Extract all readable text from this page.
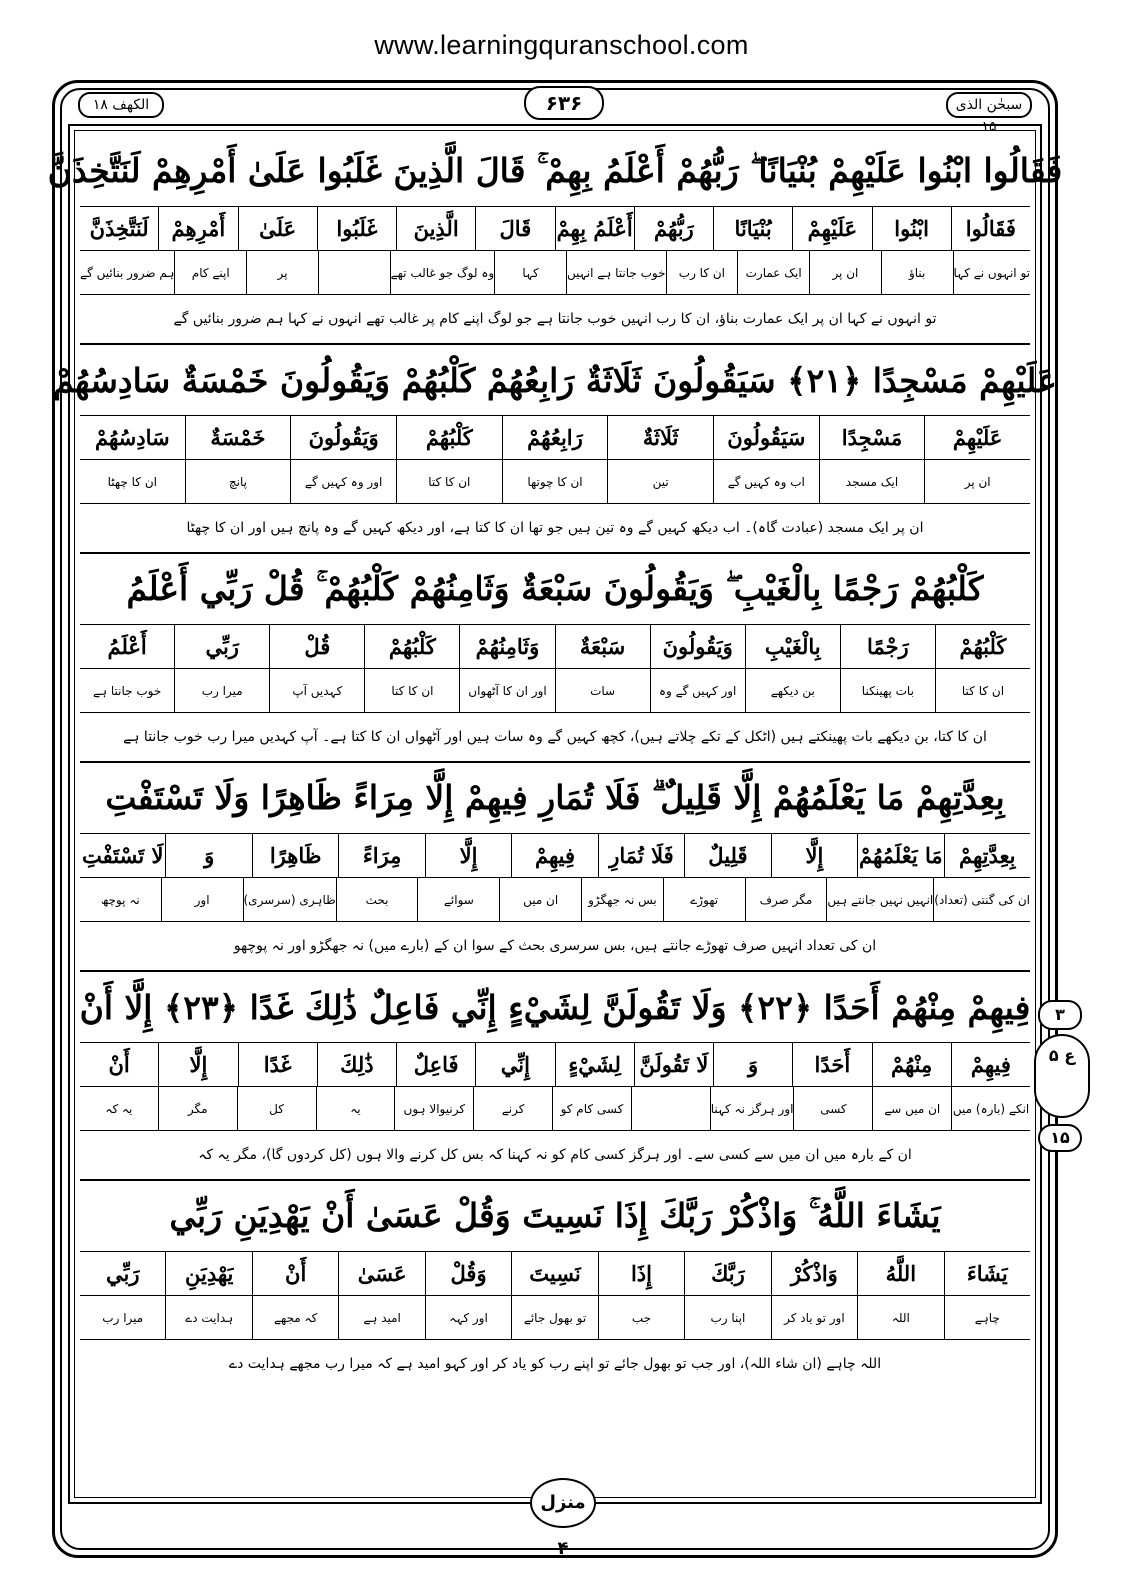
www.learningquranschool.com
الکهف ۱۸	۶۳۶	سبحٰن الذی ۱۵
فَقَالُوا ابْنُوا عَلَيْهِمْ بُنْيَانًا ۖ رَبُّهُمْ أَعْلَمُ بِهِمْ ۚ قَالَ الَّذِينَ غَلَبُوا عَلَىٰ أَمْرِهِمْ لَنَتَّخِذَنَّ
فَقَالُوا
ابْنُوا
عَلَيْهِمْ
بُنْيَانًا
رَبُّهُمْ
أَعْلَمُ بِهِمْ
قَالَ
الَّذِينَ
غَلَبُوا
عَلَىٰ
أَمْرِهِمْ
لَنَتَّخِذَنَّ
تو انہوں نے کہا
بناؤ
ان پر
ایک عمارت
ان کا رب
خوب جانتا ہے انہیں
کہا
وہ لوگ جو غالب تھے
پر
اپنے کام
ہم ضرور بنائیں گے
تو انہوں نے کہا ان پر ایک عمارت بناؤ، ان کا رب انہیں خوب جانتا ہے جو لوگ اپنے کام پر غالب تھے انہوں نے کہا ہم ضرور بنائیں گے
عَلَيْهِمْ مَسْجِدًا ﴿٢١﴾ سَيَقُولُونَ ثَلَاثَةٌ رَابِعُهُمْ كَلْبُهُمْ وَيَقُولُونَ خَمْسَةٌ سَادِسُهُمْ
عَلَيْهِمْ
مَسْجِدًا
سَيَقُولُونَ
ثَلَاثَةٌ
رَابِعُهُمْ
كَلْبُهُمْ
وَيَقُولُونَ
خَمْسَةٌ
سَادِسُهُمْ
ان پر
ایک مسجد
اب وہ کہیں گے
تین
ان کا چوتھا
ان کا کتا
اور وہ کہیں گے
پانچ
ان کا چھٹا
ان پر ایک مسجد (عبادت گاہ)۔ اب دیکھ کہیں گے وہ تین ہیں جو تھا ان کا کتا ہے، اور دیکھ کہیں گے وہ پانچ ہیں اور ان کا چھٹا
كَلْبُهُمْ رَجْمًا بِالْغَيْبِ ۖ وَيَقُولُونَ سَبْعَةٌ وَثَامِنُهُمْ كَلْبُهُمْ ۚ قُلْ رَبِّي أَعْلَمُ
كَلْبُهُمْ
رَجْمًا
بِالْغَيْبِ
وَيَقُولُونَ
سَبْعَةٌ
وَثَامِنُهُمْ
كَلْبُهُمْ
قُلْ
رَبِّي
أَعْلَمُ
ان کا کتا
بات پھینکنا
بن دیکھے
اور کہیں گے وہ
سات
اور ان کا آٹھواں
ان کا کتا
کہدیں آپ
میرا رب
خوب جانتا ہے
ان کا کتا، بن دیکھے بات پھینکتے ہیں (اٹکل کے تکے چلاتے ہیں)، کچھ کہیں گے وہ سات ہیں اور آٹھواں ان کا کتا ہے۔ آپ کہدیں میرا رب خوب جانتا ہے
بِعِدَّتِهِمْ مَا يَعْلَمُهُمْ إِلَّا قَلِيلٌ ۗ فَلَا تُمَارِ فِيهِمْ إِلَّا مِرَاءً ظَاهِرًا وَلَا تَسْتَفْتِ
بِعِدَّتِهِمْ
مَا يَعْلَمُهُمْ
إِلَّا
قَلِيلٌ
فَلَا تُمَارِ
فِيهِمْ
إِلَّا
مِرَاءً
ظَاهِرًا
وَ
لَا تَسْتَفْتِ
ان کی گنتی (تعداد)
انہیں نہیں جانتے ہیں
مگر صرف
تھوڑے
بس نہ جھگڑو
ان میں
سوائے
بحث
ظاہری (سرسری)
اور
نہ پوچھ
ان کی تعداد انہیں صرف تھوڑے جانتے ہیں، بس سرسری بحث کے سوا ان کے (بارے میں) نہ جھگڑو اور نہ پوچھو
فِيهِمْ مِنْهُمْ أَحَدًا ﴿٢٢﴾ وَلَا تَقُولَنَّ لِشَيْءٍ إِنِّي فَاعِلٌ ذَٰلِكَ غَدًا ﴿٢٣﴾ إِلَّا أَنْ
فِيهِمْ
مِنْهُمْ
أَحَدًا
وَ
لَا تَقُولَنَّ
لِشَيْءٍ
إِنِّي
فَاعِلٌ
ذَٰلِكَ
غَدًا
إِلَّا
أَنْ
انکے (بارہ) میں
ان میں سے
کسی
اور ہرگز نہ کہنا
کسی کام کو
کرنے
کرنیوالا ہوں
یہ
کل
مگر
یہ کہ
ان کے بارہ میں ان میں سے کسی سے۔ اور ہرگز کسی کام کو نہ کہنا کہ بس کل کرنے والا ہوں (کل کردوں گا)، مگر یہ کہ
يَشَاءَ اللَّهُ ۚ وَاذْكُرْ رَبَّكَ إِذَا نَسِيتَ وَقُلْ عَسَىٰ أَنْ يَهْدِيَنِ رَبِّي
يَشَاءَ
اللَّهُ
وَاذْكُرْ
رَبَّكَ
إِذَا
نَسِيتَ
وَقُلْ
عَسَىٰ
أَنْ
يَهْدِيَنِ
رَبِّي
چاہے
اللہ
اور تو یاد کر
اپنا رب
جب
تو بھول جائے
اور کہہ
امید ہے
کہ مجھے
ہدایت دے
میرا رب
اللہ چاہے (ان شاء اللہ)، اور جب تو بھول جائے تو اپنے رب کو یاد کر اور کہو امید ہے کہ میرا رب مجھے ہدایت دے
۳
ع ۵
۱۵
منزل ۴
